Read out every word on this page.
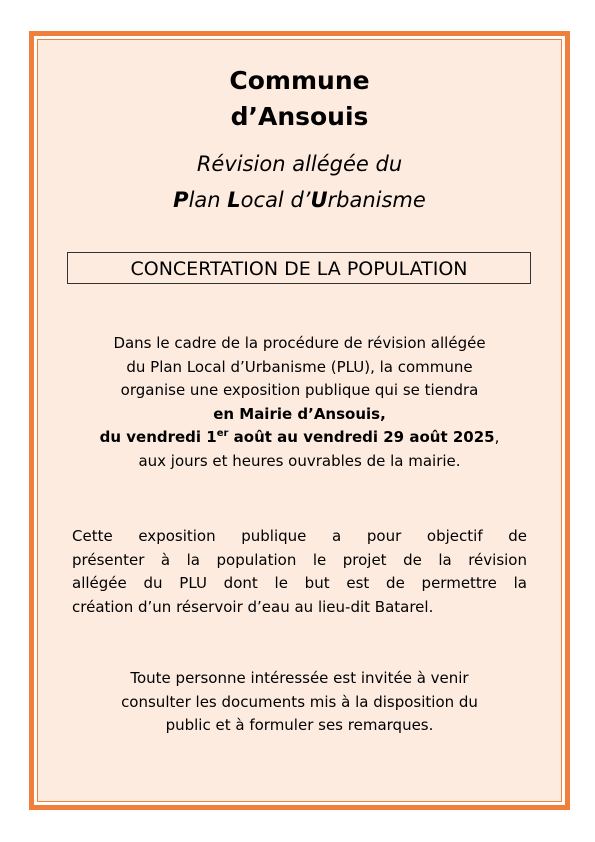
Commune
d’Ansouis
Révision allégée du
Plan Local d’Urbanisme
CONCERTATION DE LA POPULATION
Dans le cadre de la procédure de révision allégée
du Plan Local d’Urbanisme (PLU), la commune
organise une exposition publique qui se tiendra
en Mairie d’Ansouis,
du vendredi 1er août au vendredi 29 août 2025,
aux jours et heures ouvrables de la mairie.
Cette exposition publique a pour objectif de
présenter à la population le projet de la révision
allégée du PLU dont le but est de permettre la
création d’un réservoir d’eau au lieu-dit Batarel.
Toute personne intéressée est invitée à venir
consulter les documents mis à la disposition du
public et à formuler ses remarques.
